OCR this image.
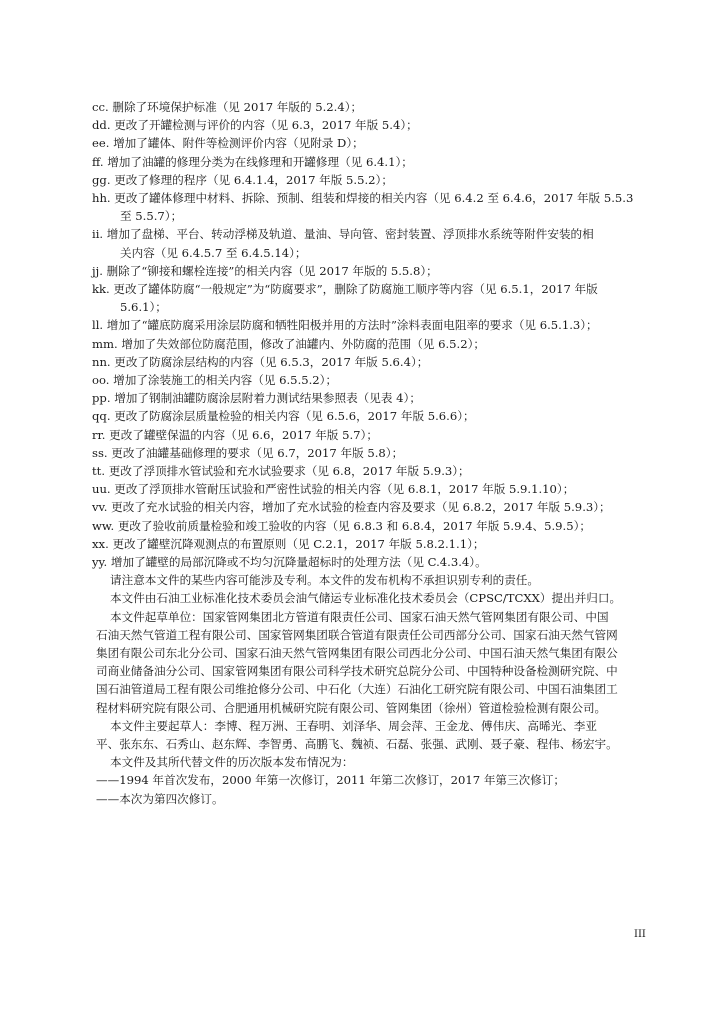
cc. 删除了环境保护标准（见 2017 年版的 5.2.4）；
dd. 更改了开罐检测与评价的内容（见 6.3，2017 年版 5.4）；
ee. 增加了罐体、附件等检测评价内容（见附录 D）；
ff. 增加了油罐的修理分类为在线修理和开罐修理（见 6.4.1）；
gg. 更改了修理的程序（见 6.4.1.4，2017 年版 5.5.2）；
hh. 更改了罐体修理中材料、拆除、预制、组装和焊接的相关内容（见 6.4.2 至 6.4.6，2017 年版 5.5.3
至 5.5.7）；
ii. 增加了盘梯、平台、转动浮梯及轨道、量油、导向管、密封装置、浮顶排水系统等附件安装的相
关内容（见 6.4.5.7 至 6.4.5.14）；
jj. 删除了“铆接和螺栓连接”的相关内容（见 2017 年版的 5.5.8）；
kk. 更改了罐体防腐“一般规定”为“防腐要求”，删除了防腐施工顺序等内容（见 6.5.1，2017 年版
5.6.1）；
ll. 增加了“罐底防腐采用涂层防腐和牺牲阳极并用的方法时”涂料表面电阻率的要求（见 6.5.1.3）；
mm. 增加了失效部位防腐范围，修改了油罐内、外防腐的范围（见 6.5.2）；
nn. 更改了防腐涂层结构的内容（见 6.5.3，2017 年版 5.6.4）；
oo. 增加了涂装施工的相关内容（见 6.5.5.2）；
pp. 增加了钢制油罐防腐涂层附着力测试结果参照表（见表 4）；
qq. 更改了防腐涂层质量检验的相关内容（见 6.5.6，2017 年版 5.6.6）；
rr. 更改了罐壁保温的内容（见 6.6，2017 年版 5.7）；
ss. 更改了油罐基础修理的要求（见 6.7，2017 年版 5.8）；
tt. 更改了浮顶排水管试验和充水试验要求（见 6.8，2017 年版 5.9.3）；
uu. 更改了浮顶排水管耐压试验和严密性试验的相关内容（见 6.8.1，2017 年版 5.9.1.10）；
vv. 更改了充水试验的相关内容，增加了充水试验的检查内容及要求（见 6.8.2，2017 年版 5.9.3）；
ww. 更改了验收前质量检验和竣工验收的内容（见 6.8.3 和 6.8.4，2017 年版 5.9.4、5.9.5）；
xx. 更改了罐壁沉降观测点的布置原则（见 C.2.1，2017 年版 5.8.2.1.1）；
yy. 增加了罐壁的局部沉降或不均匀沉降量超标时的处理方法（见 C.4.3.4）。
请注意本文件的某些内容可能涉及专利。本文件的发布机构不承担识别专利的责任。
本文件由石油工业标准化技术委员会油气储运专业标准化技术委员会（CPSC/TCXX）提出并归口。
本文件起草单位：国家管网集团北方管道有限责任公司、国家石油天然气管网集团有限公司、中国
石油天然气管道工程有限公司、国家管网集团联合管道有限责任公司西部分公司、国家石油天然气管网
集团有限公司东北分公司、国家石油天然气管网集团有限公司西北分公司、中国石油天然气集团有限公
司商业储备油分公司、国家管网集团有限公司科学技术研究总院分公司、中国特种设备检测研究院、中
国石油管道局工程有限公司维抢修分公司、中石化（大连）石油化工研究院有限公司、中国石油集团工
程材料研究院有限公司、合肥通用机械研究院有限公司、管网集团（徐州）管道检验检测有限公司。
本文件主要起草人：李博、程万洲、王春明、刘泽华、周会萍、王金龙、傅伟庆、高晞光、李亚
平、张东东、石秀山、赵东辉、李智勇、高鹏飞、魏祯、石磊、张强、武刚、聂子豪、程伟、杨宏宇。
本文件及其所代替文件的历次版本发布情况为：
——1994 年首次发布，2000 年第一次修订，2011 年第二次修订，2017 年第三次修订；
——本次为第四次修订。
III
